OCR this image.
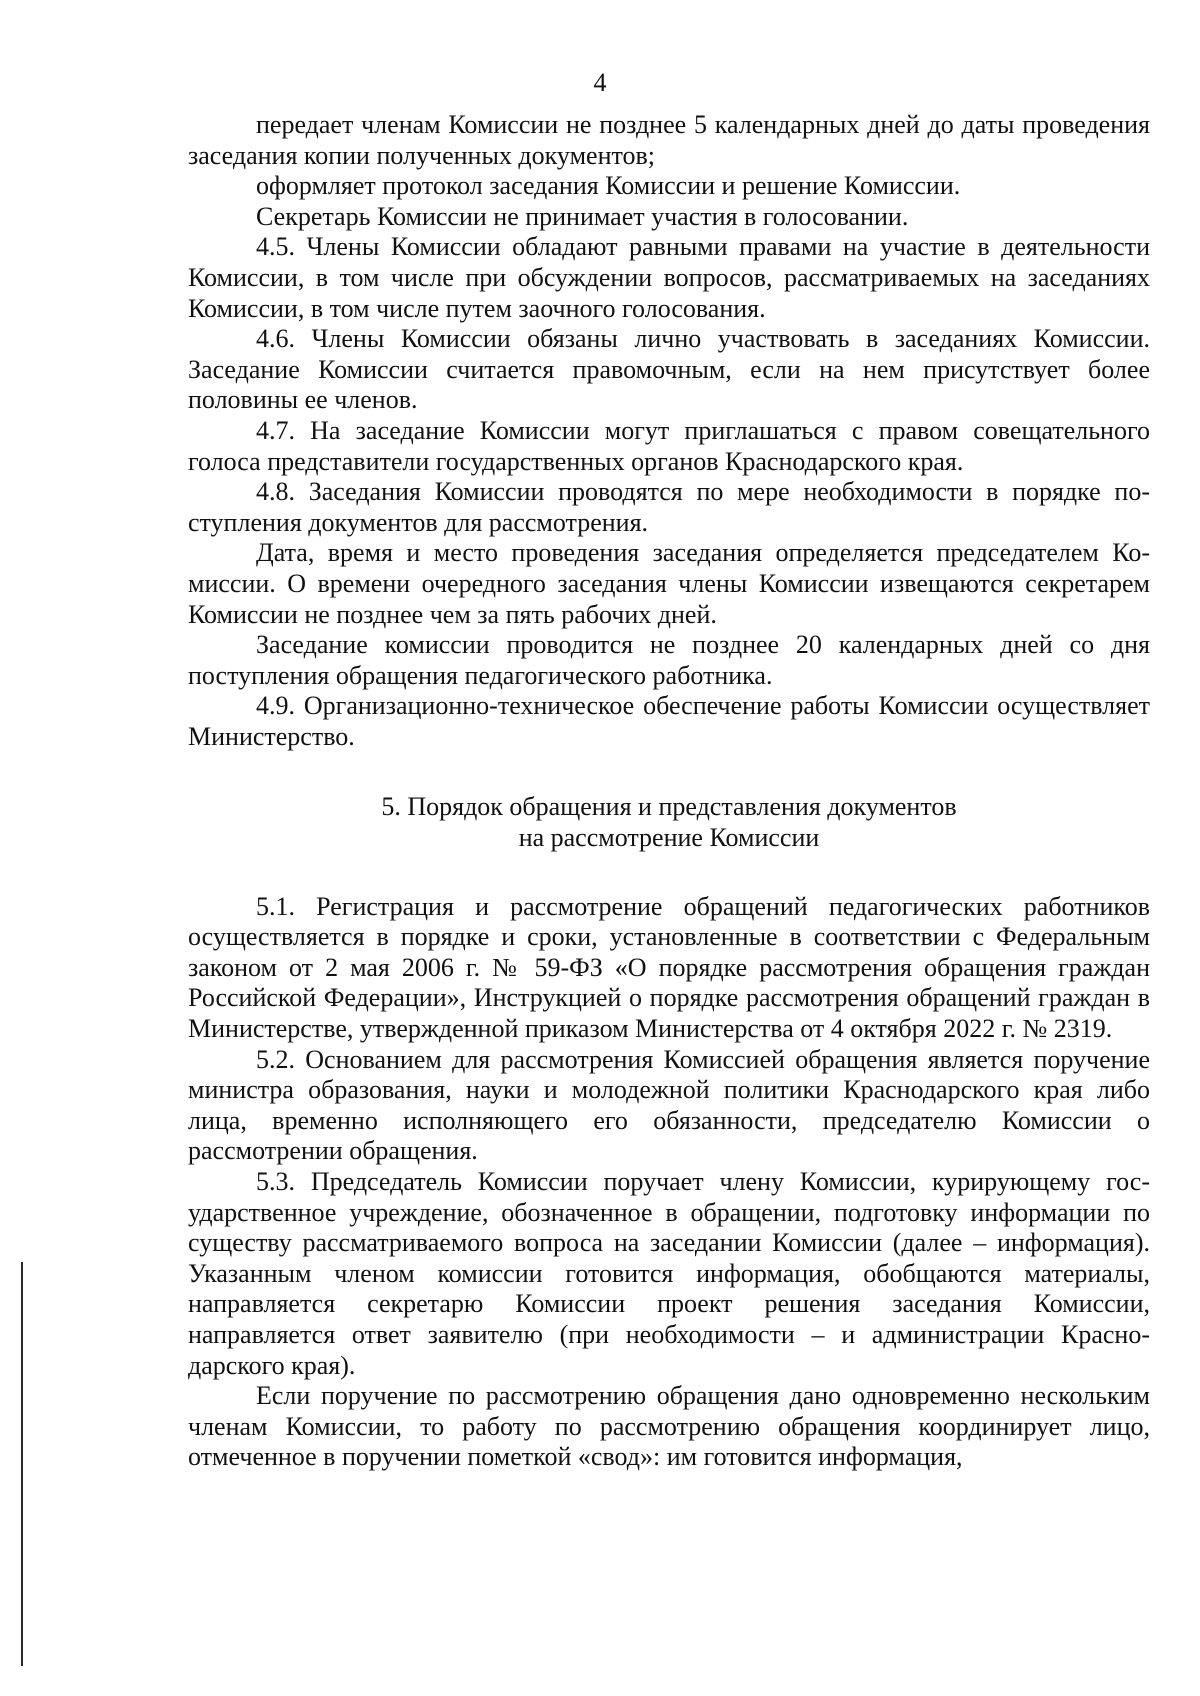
4

передает членам Комиссии не позднее 5 календарных дней до даты проведения заседания копии полученных документов;

оформляет протокол заседания Комиссии и решение Комиссии.

Секретарь Комиссии не принимает участия в голосовании.

4.5. Члены Комиссии обладают равными правами на участие в деятельности Комиссии, в том числе при обсуждении вопросов, рассматриваемых на заседаниях Комиссии, в том числе путем заочного голосования.

4.6. Члены Комиссии обязаны лично участвовать в заседаниях Комиссии. Заседание Комиссии считается правомочным, если на нем присутствует более половины ее членов.

4.7. На заседание Комиссии могут приглашаться с правом совещательного голоса представители государственных органов Краснодарского края.

4.8. Заседания Комиссии проводятся по мере необходимости в порядке поступления документов для рассмотрения.

Дата, время и место проведения заседания определяется председателем Комиссии. О времени очередного заседания члены Комиссии извещаются секретарем Комиссии не позднее чем за пять рабочих дней.

Заседание комиссии проводится не позднее 20 календарных дней со дня поступления обращения педагогического работника.

4.9. Организационно-техническое обеспечение работы Комиссии осуществляет Министерство.

5. Порядок обращения и представления документов
на рассмотрение Комиссии

5.1. Регистрация и рассмотрение обращений педагогических работников осуществляется в порядке и сроки, установленные в соответствии с Федеральным законом от 2 мая 2006 г. № 59-ФЗ «О порядке рассмотрения обращения граждан Российской Федерации», Инструкцией о порядке рассмотрения обращений граждан в Министерстве, утвержденной приказом Министерства от 4 октября 2022 г. № 2319.

5.2. Основанием для рассмотрения Комиссией обращения является поручение министра образования, науки и молодежной политики Краснодарского края либо лица, временно исполняющего его обязанности, председателю Комиссии о рассмотрении обращения.

5.3. Председатель Комиссии поручает члену Комиссии, курирующему государственное учреждение, обозначенное в обращении, подготовку информации по существу рассматриваемого вопроса на заседании Комиссии (далее – информация). Указанным членом комиссии готовится информация, обобщаются материалы, направляется секретарю Комиссии проект решения заседания Комиссии, направляется ответ заявителю (при необходимости – и администрации Краснодарского края).

Если поручение по рассмотрению обращения дано одновременно нескольким членам Комиссии, то работу по рассмотрению обращения координирует лицо, отмеченное в поручении пометкой «свод»: им готовится информация,
